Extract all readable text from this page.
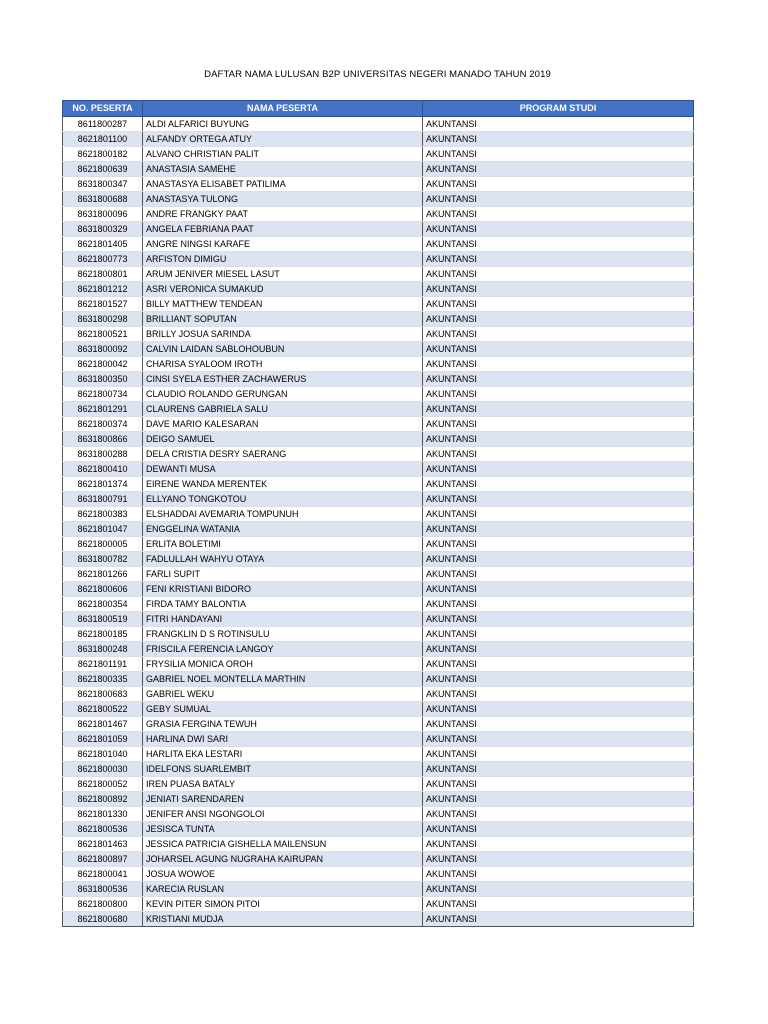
DAFTAR NAMA LULUSAN B2P UNIVERSITAS NEGERI MANADO TAHUN 2019
NO. PESERTA	NAMA PESERTA	PROGRAM STUDI
8611800287	ALDI ALFARICI BUYUNG	AKUNTANSI
8621801100	ALFANDY ORTEGA ATUY	AKUNTANSI
8621800182	ALVANO CHRISTIAN PALIT	AKUNTANSI
8621800639	ANASTASIA SAMEHE	AKUNTANSI
8631800347	ANASTASYA ELISABET PATILIMA	AKUNTANSI
8631800688	ANASTASYA TULONG	AKUNTANSI
8631800096	ANDRE FRANGKY PAAT	AKUNTANSI
8631800329	ANGELA FEBRIANA PAAT	AKUNTANSI
8621801405	ANGRE NINGSI KARAFE	AKUNTANSI
8621800773	ARFISTON DIMIGU	AKUNTANSI
8621800801	ARUM JENIVER MIESEL LASUT	AKUNTANSI
8621801212	ASRI VERONICA SUMAKUD	AKUNTANSI
8621801527	BILLY MATTHEW TENDEAN	AKUNTANSI
8631800298	BRILLIANT SOPUTAN	AKUNTANSI
8621800521	BRILLY JOSUA SARINDA	AKUNTANSI
8631800092	CALVIN LAIDAN SABLOHOUBUN	AKUNTANSI
8621800042	CHARISA SYALOOM IROTH	AKUNTANSI
8631800350	CINSI SYELA ESTHER ZACHAWERUS	AKUNTANSI
8621800734	CLAUDIO ROLANDO GERUNGAN	AKUNTANSI
8621801291	CLAURENS GABRIELA SALU	AKUNTANSI
8621800374	DAVE MARIO KALESARAN	AKUNTANSI
8631800866	DEIGO SAMUEL	AKUNTANSI
8631800288	DELA CRISTIA DESRY SAERANG	AKUNTANSI
8621800410	DEWANTI MUSA	AKUNTANSI
8621801374	EIRENE WANDA MERENTEK	AKUNTANSI
8631800791	ELLYANO TONGKOTOU	AKUNTANSI
8621800383	ELSHADDAI AVEMARIA TOMPUNUH	AKUNTANSI
8621801047	ENGGELINA WATANIA	AKUNTANSI
8621800005	ERLITA BOLETIMI	AKUNTANSI
8631800782	FADLULLAH WAHYU OTAYA	AKUNTANSI
8621801266	FARLI SUPIT	AKUNTANSI
8621800606	FENI KRISTIANI BIDORO	AKUNTANSI
8621800354	FIRDA TAMY BALONTIA	AKUNTANSI
8631800519	FITRI HANDAYANI	AKUNTANSI
8621800185	FRANGKLIN D S ROTINSULU	AKUNTANSI
8631800248	FRISCILA FERENCIA LANGOY	AKUNTANSI
8621801191	FRYSILIA MONICA OROH	AKUNTANSI
8621800335	GABRIEL NOEL MONTELLA MARTHIN	AKUNTANSI
8621800683	GABRIEL WEKU	AKUNTANSI
8621800522	GEBY SUMUAL	AKUNTANSI
8621801467	GRASIA FERGINA TEWUH	AKUNTANSI
8621801059	HARLINA DWI SARI	AKUNTANSI
8621801040	HARLITA EKA LESTARI	AKUNTANSI
8621800030	IDELFONS SUARLEMBIT	AKUNTANSI
8621800052	IREN PUASA BATALY	AKUNTANSI
8621800892	JENIATI SARENDAREN	AKUNTANSI
8621801330	JENIFER ANSI NGONGOLOI	AKUNTANSI
8621800536	JESISCA TUNTA	AKUNTANSI
8621801463	JESSICA PATRICIA GISHELLA MAILENSUN	AKUNTANSI
8621800897	JOHARSEL AGUNG NUGRAHA KAIRUPAN	AKUNTANSI
8621800041	JOSUA WOWOE	AKUNTANSI
8631800536	KARECIA RUSLAN	AKUNTANSI
8621800800	KEVIN PITER SIMON PITOI	AKUNTANSI
8621800680	KRISTIANI MUDJA	AKUNTANSI
